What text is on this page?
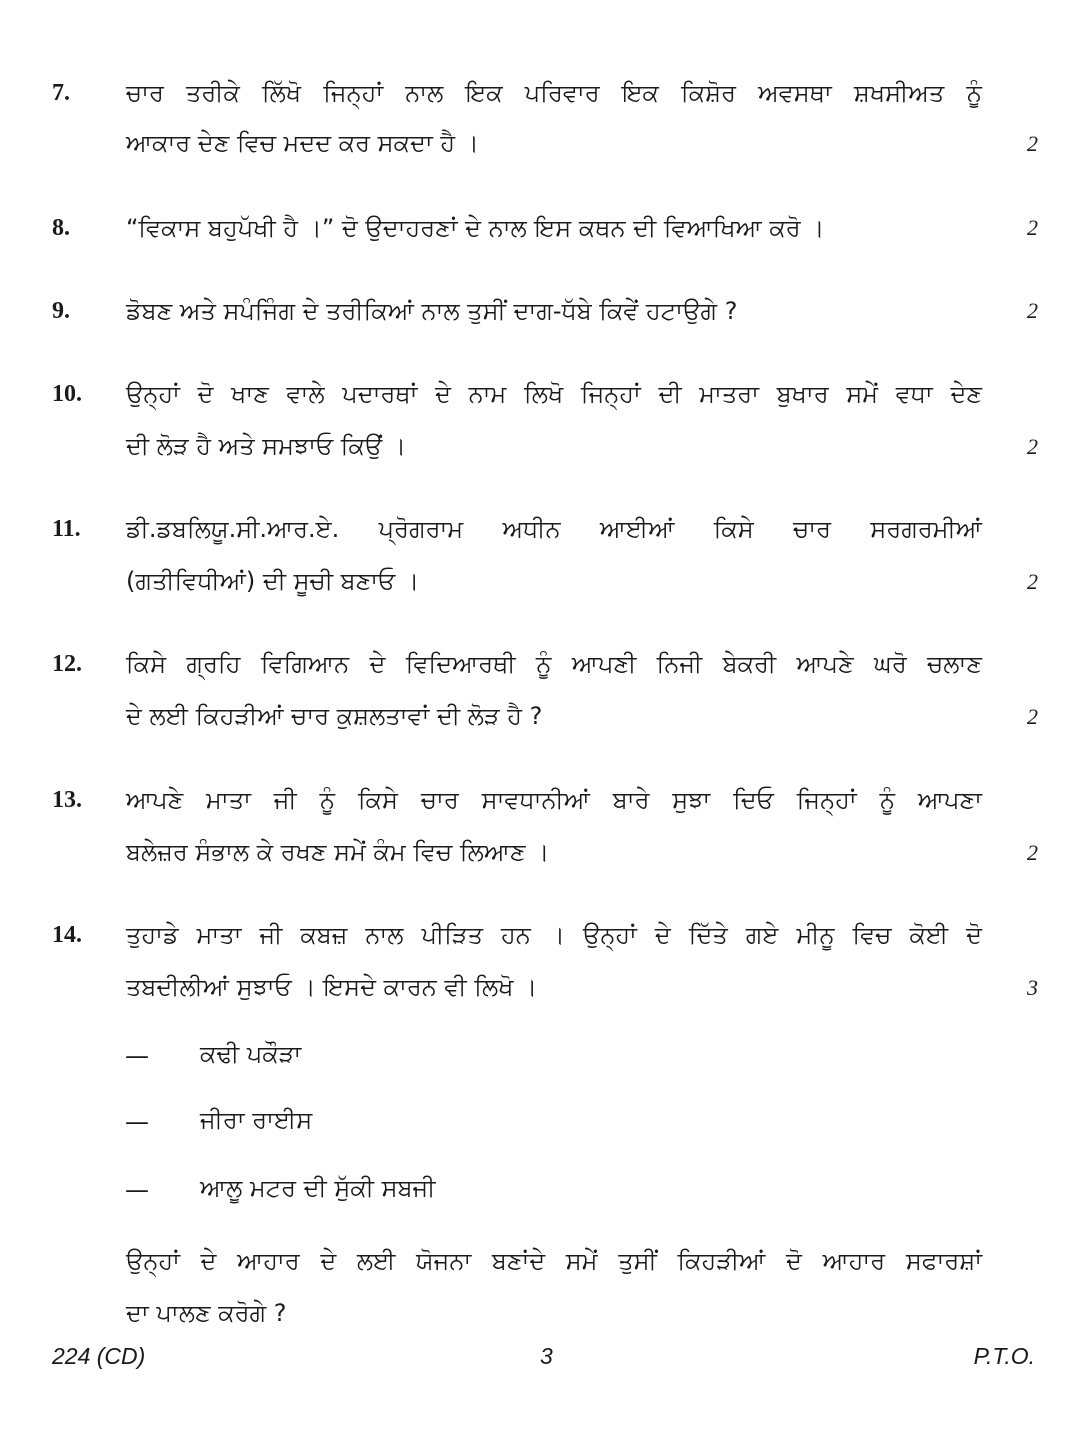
7. ਚਾਰ ਤਰੀਕੇ ਲਿੱਖੋ ਜਿਨ੍ਹਾਂ ਨਾਲ ਇਕ ਪਰਿਵਾਰ ਇਕ ਕਿਸ਼ੋਰ ਅਵਸਥਾ ਸ਼ਖਸੀਅਤ ਨੂੰ
ਆਕਾਰ ਦੇਣ ਵਿਚ ਮਦਦ ਕਰ ਸਕਦਾ ਹੈ ।	2
8. “ਵਿਕਾਸ ਬਹੁਪੱਖੀ ਹੈ ।” ਦੋ ਉਦਾਹਰਣਾਂ ਦੇ ਨਾਲ ਇਸ ਕਥਨ ਦੀ ਵਿਆਖਿਆ ਕਰੋ ।	2
9. ਡੋਬਣ ਅਤੇ ਸਪੰਜਿੰਗ ਦੇ ਤਰੀਕਿਆਂ ਨਾਲ ਤੁਸੀਂ ਦਾਗ-ਧੱਬੇ ਕਿਵੇਂ ਹਟਾਉਗੇ ?	2
10. ਉਨ੍ਹਾਂ ਦੋ ਖਾਣ ਵਾਲੇ ਪਦਾਰਥਾਂ ਦੇ ਨਾਮ ਲਿਖੋ ਜਿਨ੍ਹਾਂ ਦੀ ਮਾਤਰਾ ਬੁਖਾਰ ਸਮੇਂ ਵਧਾ ਦੇਣ
ਦੀ ਲੋੜ ਹੈ ਅਤੇ ਸਮਝਾਓ ਕਿਉਂ ।	2
11. ਡੀ.ਡਬਲਿਯੂ.ਸੀ.ਆਰ.ਏ. ਪ੍ਰੋਗਰਾਮ ਅਧੀਨ ਆਈਆਂ ਕਿਸੇ ਚਾਰ ਸਰਗਰਮੀਆਂ
(ਗਤੀਵਿਧੀਆਂ) ਦੀ ਸੂਚੀ ਬਣਾਓ ।	2
12. ਕਿਸੇ ਗ੍ਰਹਿ ਵਿਗਿਆਨ ਦੇ ਵਿਦਿਆਰਥੀ ਨੂੰ ਆਪਣੀ ਨਿਜੀ ਬੇਕਰੀ ਆਪਣੇ ਘਰੋ ਚਲਾਣ
ਦੇ ਲਈ ਕਿਹੜੀਆਂ ਚਾਰ ਕੁਸ਼ਲਤਾਵਾਂ ਦੀ ਲੋੜ ਹੈ ?	2
13. ਆਪਣੇ ਮਾਤਾ ਜੀ ਨੂੰ ਕਿਸੇ ਚਾਰ ਸਾਵਧਾਨੀਆਂ ਬਾਰੇ ਸੁਝਾ ਦਿਓ ਜਿਨ੍ਹਾਂ ਨੂੰ ਆਪਣਾ
ਬਲੇਜ਼ਰ ਸੰਭਾਲ ਕੇ ਰਖਣ ਸਮੇਂ ਕੰਮ ਵਿਚ ਲਿਆਣ ।	2
14. ਤੁਹਾਡੇ ਮਾਤਾ ਜੀ ਕਬਜ਼ ਨਾਲ ਪੀੜਿਤ ਹਨ । ਉਨ੍ਹਾਂ ਦੇ ਦਿੱਤੇ ਗਏ ਮੀਨੂ ਵਿਚ ਕੋਈ ਦੋ
ਤਬਦੀਲੀਆਂ ਸੁਝਾਓ । ਇਸਦੇ ਕਾਰਨ ਵੀ ਲਿਖੋ ।	3
— ਕਢੀ ਪਕੌੜਾ
— ਜੀਰਾ ਰਾਈਸ
— ਆਲੂ ਮਟਰ ਦੀ ਸੁੱਕੀ ਸਬਜੀ
ਉਨ੍ਹਾਂ ਦੇ ਆਹਾਰ ਦੇ ਲਈ ਯੋਜਨਾ ਬਣਾਂਦੇ ਸਮੇਂ ਤੁਸੀਂ ਕਿਹੜੀਆਂ ਦੋ ਆਹਾਰ ਸਫਾਰਸ਼ਾਂ
ਦਾ ਪਾਲਣ ਕਰੋਗੇ ?
224 (CD)	3	P.T.O.
